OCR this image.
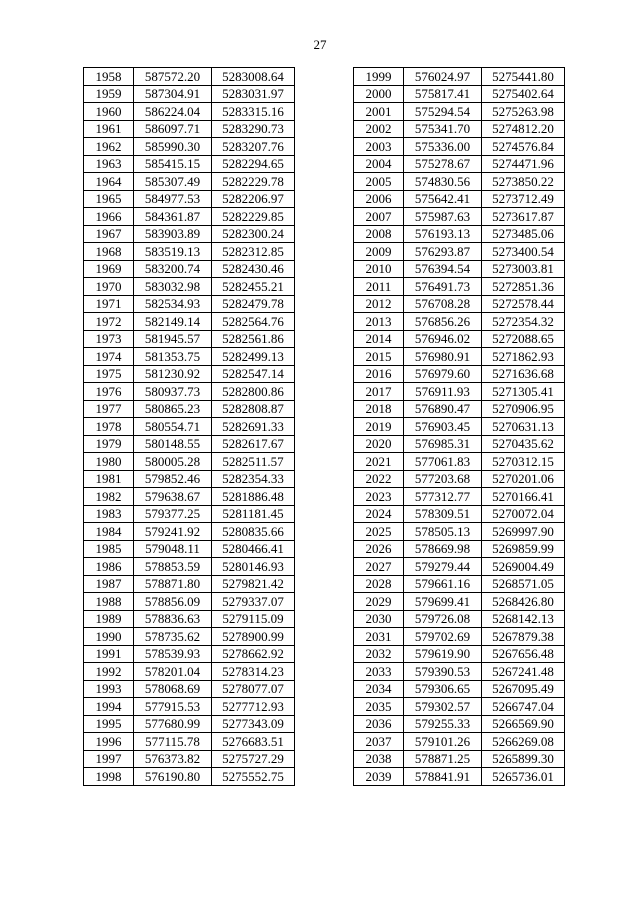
27
1958	587572.20	5283008.64
1959	587304.91	5283031.97
1960	586224.04	5283315.16
1961	586097.71	5283290.73
1962	585990.30	5283207.76
1963	585415.15	5282294.65
1964	585307.49	5282229.78
1965	584977.53	5282206.97
1966	584361.87	5282229.85
1967	583903.89	5282300.24
1968	583519.13	5282312.85
1969	583200.74	5282430.46
1970	583032.98	5282455.21
1971	582534.93	5282479.78
1972	582149.14	5282564.76
1973	581945.57	5282561.86
1974	581353.75	5282499.13
1975	581230.92	5282547.14
1976	580937.73	5282800.86
1977	580865.23	5282808.87
1978	580554.71	5282691.33
1979	580148.55	5282617.67
1980	580005.28	5282511.57
1981	579852.46	5282354.33
1982	579638.67	5281886.48
1983	579377.25	5281181.45
1984	579241.92	5280835.66
1985	579048.11	5280466.41
1986	578853.59	5280146.93
1987	578871.80	5279821.42
1988	578856.09	5279337.07
1989	578836.63	5279115.09
1990	578735.62	5278900.99
1991	578539.93	5278662.92
1992	578201.04	5278314.23
1993	578068.69	5278077.07
1994	577915.53	5277712.93
1995	577680.99	5277343.09
1996	577115.78	5276683.51
1997	576373.82	5275727.29
1998	576190.80	5275552.75
1999	576024.97	5275441.80
2000	575817.41	5275402.64
2001	575294.54	5275263.98
2002	575341.70	5274812.20
2003	575336.00	5274576.84
2004	575278.67	5274471.96
2005	574830.56	5273850.22
2006	575642.41	5273712.49
2007	575987.63	5273617.87
2008	576193.13	5273485.06
2009	576293.87	5273400.54
2010	576394.54	5273003.81
2011	576491.73	5272851.36
2012	576708.28	5272578.44
2013	576856.26	5272354.32
2014	576946.02	5272088.65
2015	576980.91	5271862.93
2016	576979.60	5271636.68
2017	576911.93	5271305.41
2018	576890.47	5270906.95
2019	576903.45	5270631.13
2020	576985.31	5270435.62
2021	577061.83	5270312.15
2022	577203.68	5270201.06
2023	577312.77	5270166.41
2024	578309.51	5270072.04
2025	578505.13	5269997.90
2026	578669.98	5269859.99
2027	579279.44	5269004.49
2028	579661.16	5268571.05
2029	579699.41	5268426.80
2030	579726.08	5268142.13
2031	579702.69	5267879.38
2032	579619.90	5267656.48
2033	579390.53	5267241.48
2034	579306.65	5267095.49
2035	579302.57	5266747.04
2036	579255.33	5266569.90
2037	579101.26	5266269.08
2038	578871.25	5265899.30
2039	578841.91	5265736.01
